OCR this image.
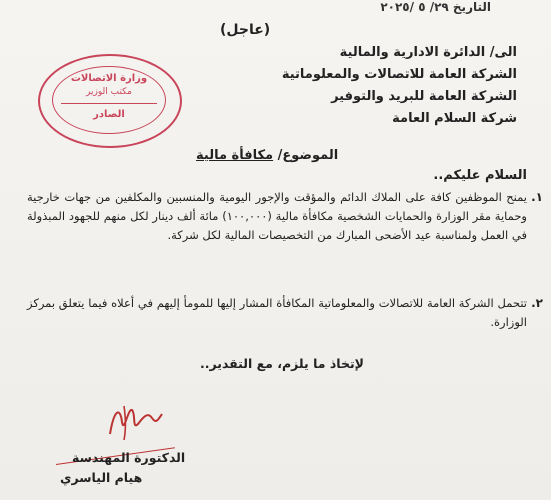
التاريخ ٢٩/ ٥ /٢٠٢٥
(عاجل)
الى/ الدائرة الادارية والمالية
الشركة العامة للاتصالات والمعلوماتية
الشركة العامة للبريد والتوفير
شركة السلام العامة
وزارة الاتصالات
مكتب الوزير
الصادر
الموضوع/ مكافأة مالية
السلام عليكم..
١.
يمنح الموظفين كافة على الملاك الدائم والمؤقت والإجور اليومية والمنسبين والمكلفين من جهات خارجية وحماية مقر الوزارة والحمايات الشخصية مكافأة مالية (١٠٠,٠٠٠) مائة ألف دينار لكل منهم للجهود المبذولة في العمل ولمناسبة عيد الأضحى المبارك من التخصيصات المالية لكل شركة.
٢.
تتحمل الشركة العامة للاتصالات والمعلوماتية المكافأة المشار إليها للمومأ إليهم في أعلاه فيما يتعلق بمركز الوزارة.
لإتخاذ ما يلزم، مع التقدير..
الدكتورة المهندسة
هيام الياسري
